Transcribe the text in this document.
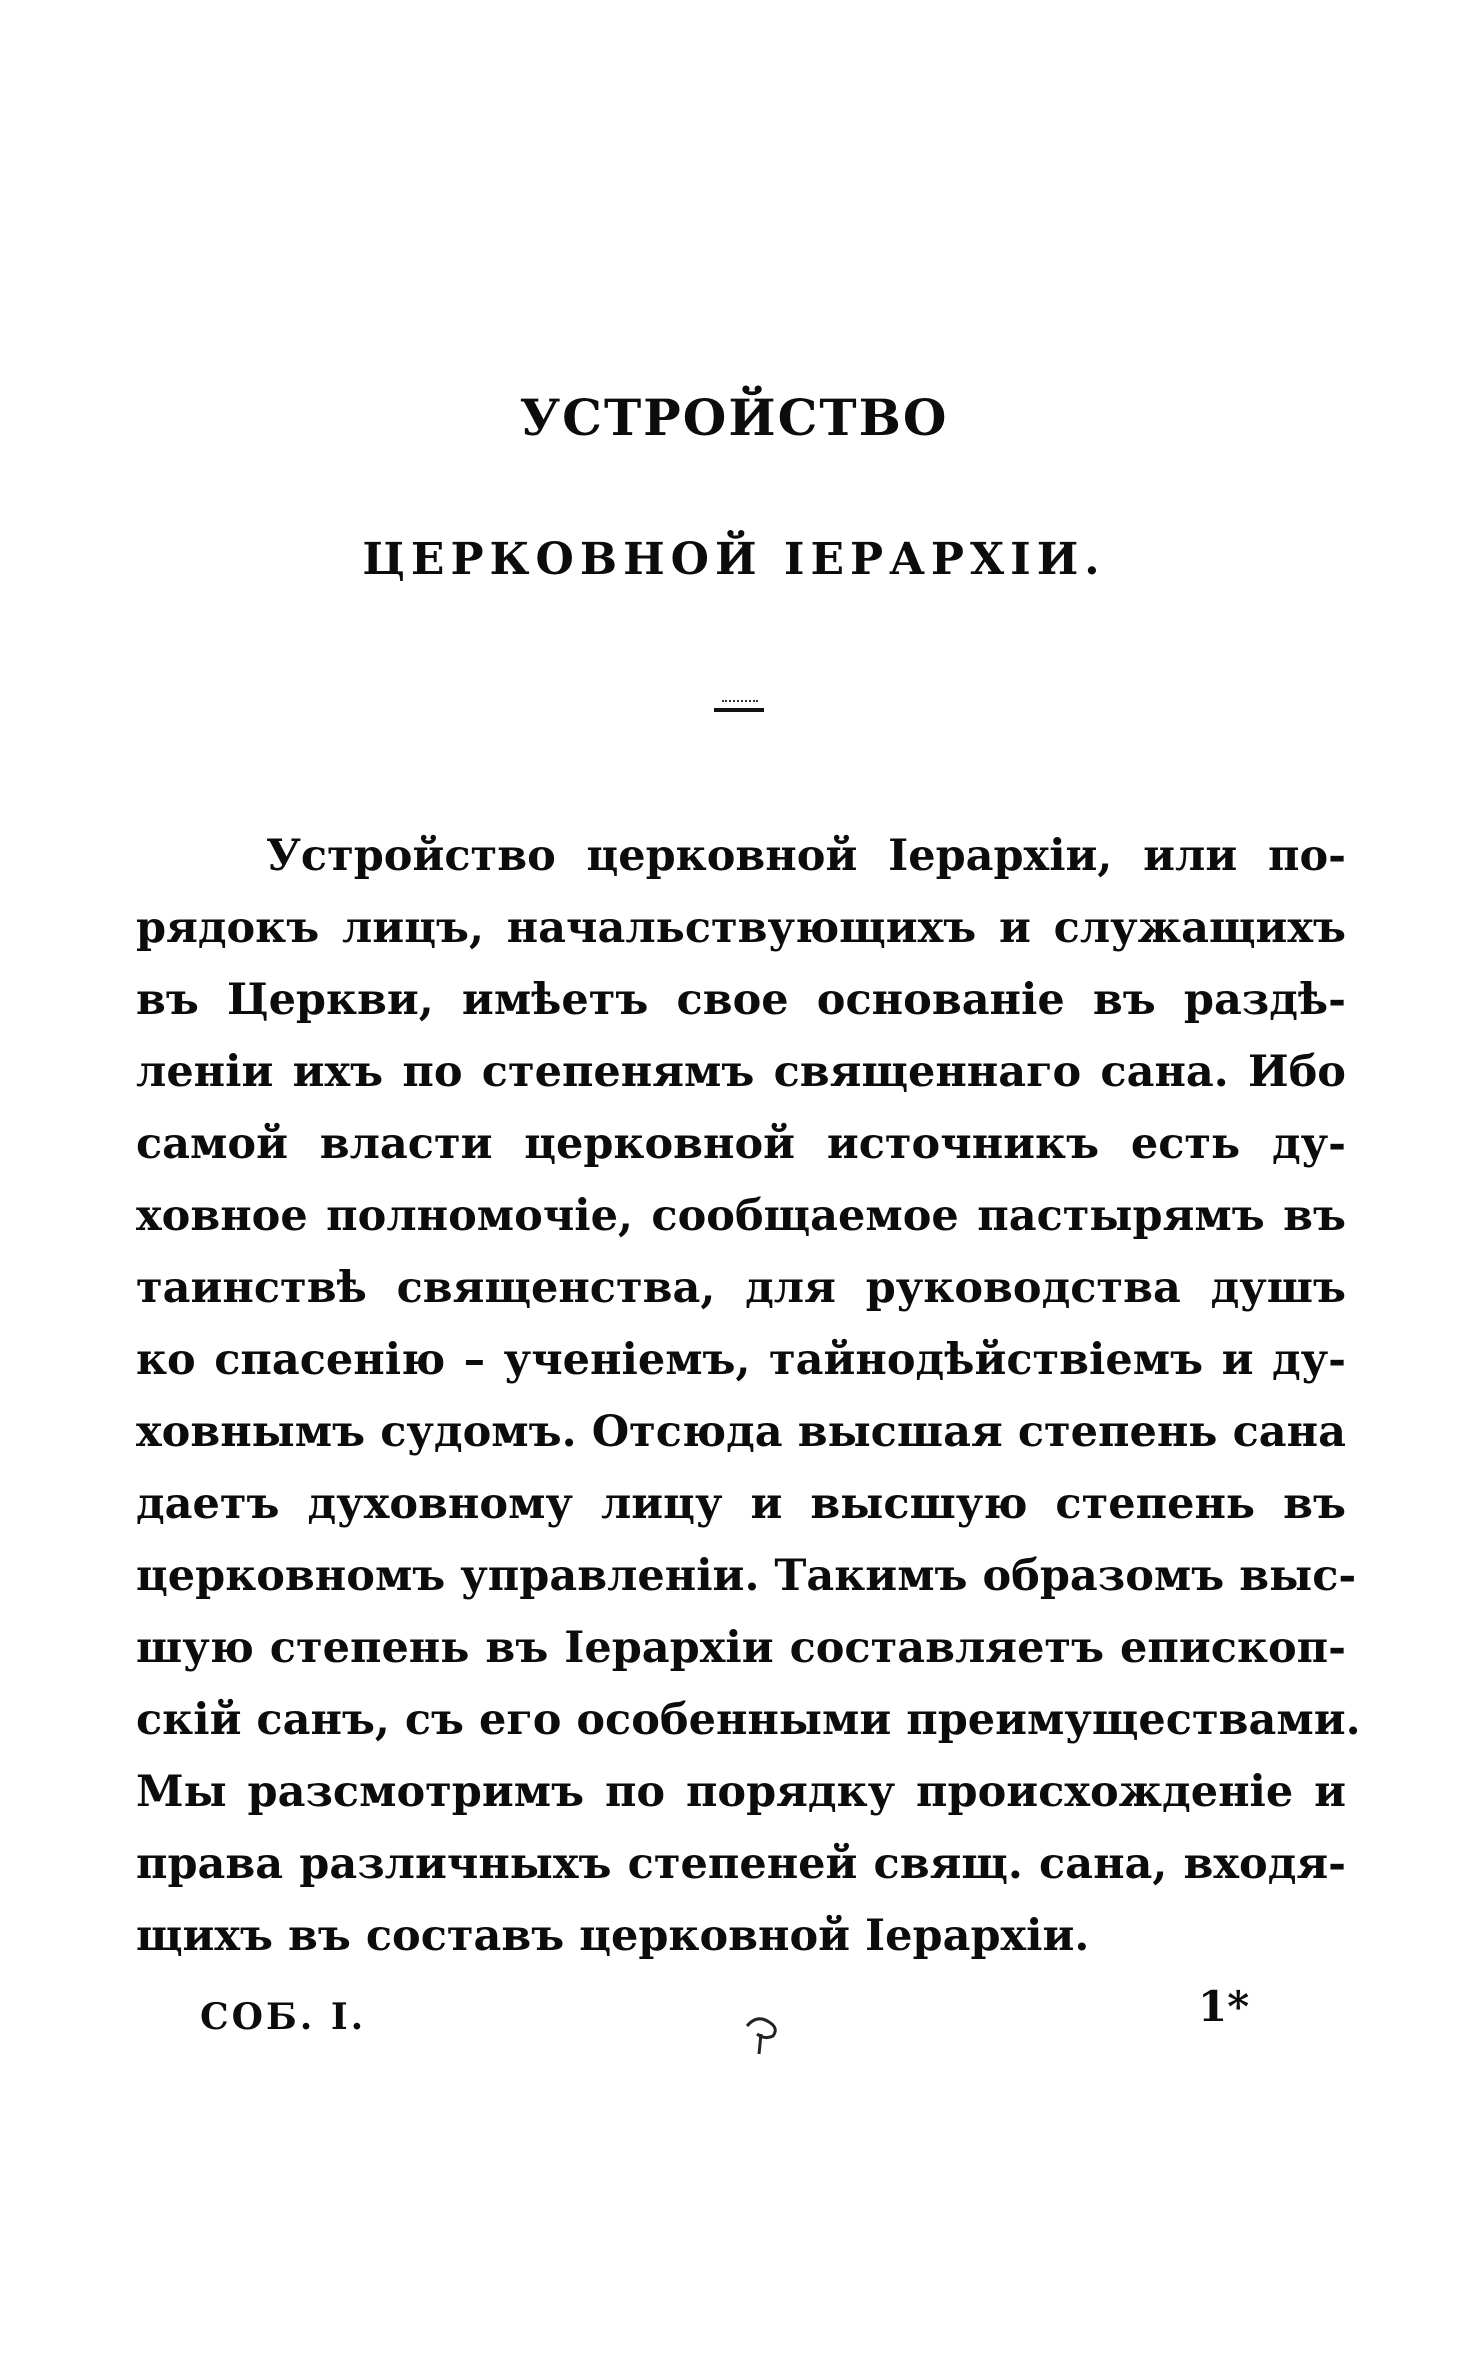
УСТРОЙСТВО
ЦЕРКОВНОЙ ІЕРАРХІИ.
Устройство церковной Іерархіи, или по-
рядокъ лицъ, начальствующихъ и служащихъ
въ Церкви, имѣетъ свое основаніе въ раздѣ-
леніи ихъ по степенямъ священнаго сана. Ибо
самой власти церковной источникъ есть ду-
ховное полномочіе, сообщаемое пастырямъ въ
таинствѣ священства, для руководства душъ
ко спасенію – ученіемъ, тайнодѣйствіемъ и ду-
ховнымъ судомъ. Отсюда высшая степень сана
даетъ духовному лицу и высшую степень въ
церковномъ управленіи. Такимъ образомъ выс-
шую степень въ Іерархіи составляетъ епископ-
скій санъ, съ его особенными преимуществами.
Мы разсмотримъ по порядку происхожденіе и
права различныхъ степеней свящ. сана, входя-
щихъ въ составъ церковной Іерархіи.
СОБ. I.	1*
